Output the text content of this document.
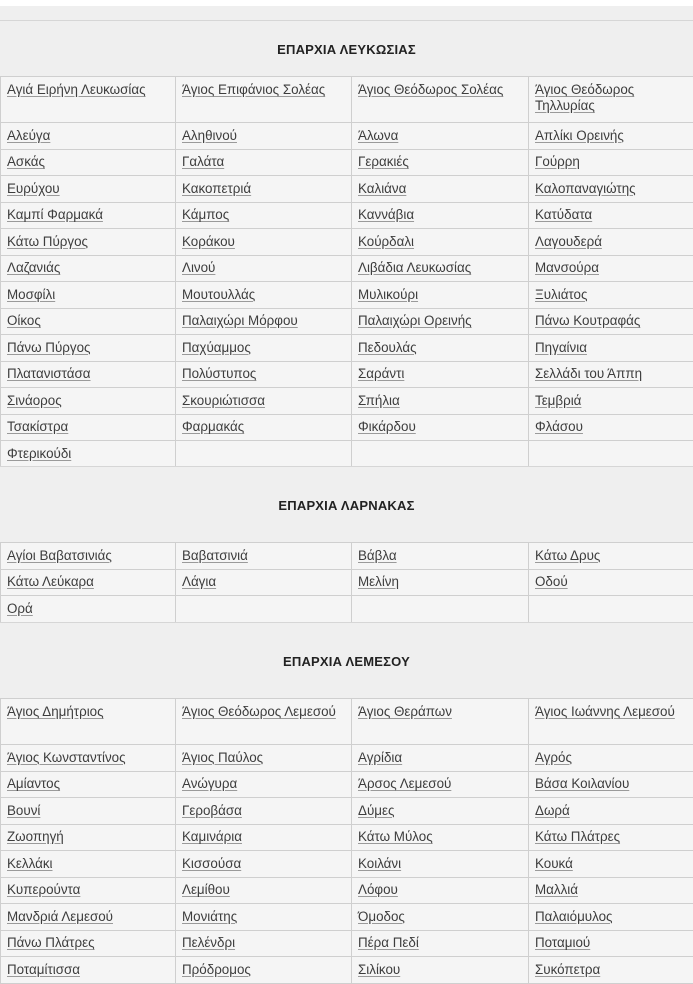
ΕΠΑΡΧΙΑ ΛΕΥΚΩΣΙΑΣ
Αγιά Ειρήνη Λευκωσίας	Άγιος Επιφάνιος Σολέας	Άγιος Θεόδωρος Σολέας	Άγιος Θεόδωρος Τηλλυρίας
Αλεύγα	Αληθινού	Άλωνα	Απλίκι Ορεινής
Ασκάς	Γαλάτα	Γερακιές	Γούρρη
Ευρύχου	Κακοπετριά	Καλιάνα	Καλοπαναγιώτης
Καμπί Φαρμακά	Κάμπος	Καννάβια	Κατύδατα
Κάτω Πύργος	Κοράκου	Κούρδαλι	Λαγουδερά
Λαζανιάς	Λινού	Λιβάδια Λευκωσίας	Μανσούρα
Μοσφίλι	Μουτουλλάς	Μυλικούρι	Ξυλιάτος
Οίκος	Παλαιχώρι Μόρφου	Παλαιχώρι Ορεινής	Πάνω Κουτραφάς
Πάνω Πύργος	Παχύαμμος	Πεδουλάς	Πηγαίνια
Πλατανιστάσα	Πολύστυπος	Σαράντι	Σελλάδι του Άππη
Σινάορος	Σκουριώτισσα	Σπήλια	Τεμβριά
Τσακίστρα	Φαρμακάς	Φικάρδου	Φλάσου
Φτερικούδι			
ΕΠΑΡΧΙΑ ΛΑΡΝΑΚΑΣ
Αγίοι Βαβατσινιάς	Βαβατσινιά	Βάβλα	Κάτω Δρυς
Κάτω Λεύκαρα	Λάγια	Μελίνη	Οδού
Ορά			
ΕΠΑΡΧΙΑ ΛΕΜΕΣΟΥ
Άγιος Δημήτριος	Άγιος Θεόδωρος Λεμεσού	Άγιος Θεράπων	Άγιος Ιωάννης Λεμεσού
Άγιος Κωνσταντίνος	Άγιος Παύλος	Αγρίδια	Αγρός
Αμίαντος	Ανώγυρα	Άρσος Λεμεσού	Βάσα Κοιλανίου
Βουνί	Γεροβάσα	Δύμες	Δωρά
Ζωοπηγή	Καμινάρια	Κάτω Μύλος	Κάτω Πλάτρες
Κελλάκι	Κισσούσα	Κοιλάνι	Κουκά
Κυπερούντα	Λεμίθου	Λόφου	Μαλλιά
Μανδριά Λεμεσού	Μονιάτης	Όμοδος	Παλαιόμυλος
Πάνω Πλάτρες	Πελένδρι	Πέρα Πεδί	Ποταμιού
Ποταμίτισσα	Πρόδρομος	Σιλίκου	Συκόπετρα
